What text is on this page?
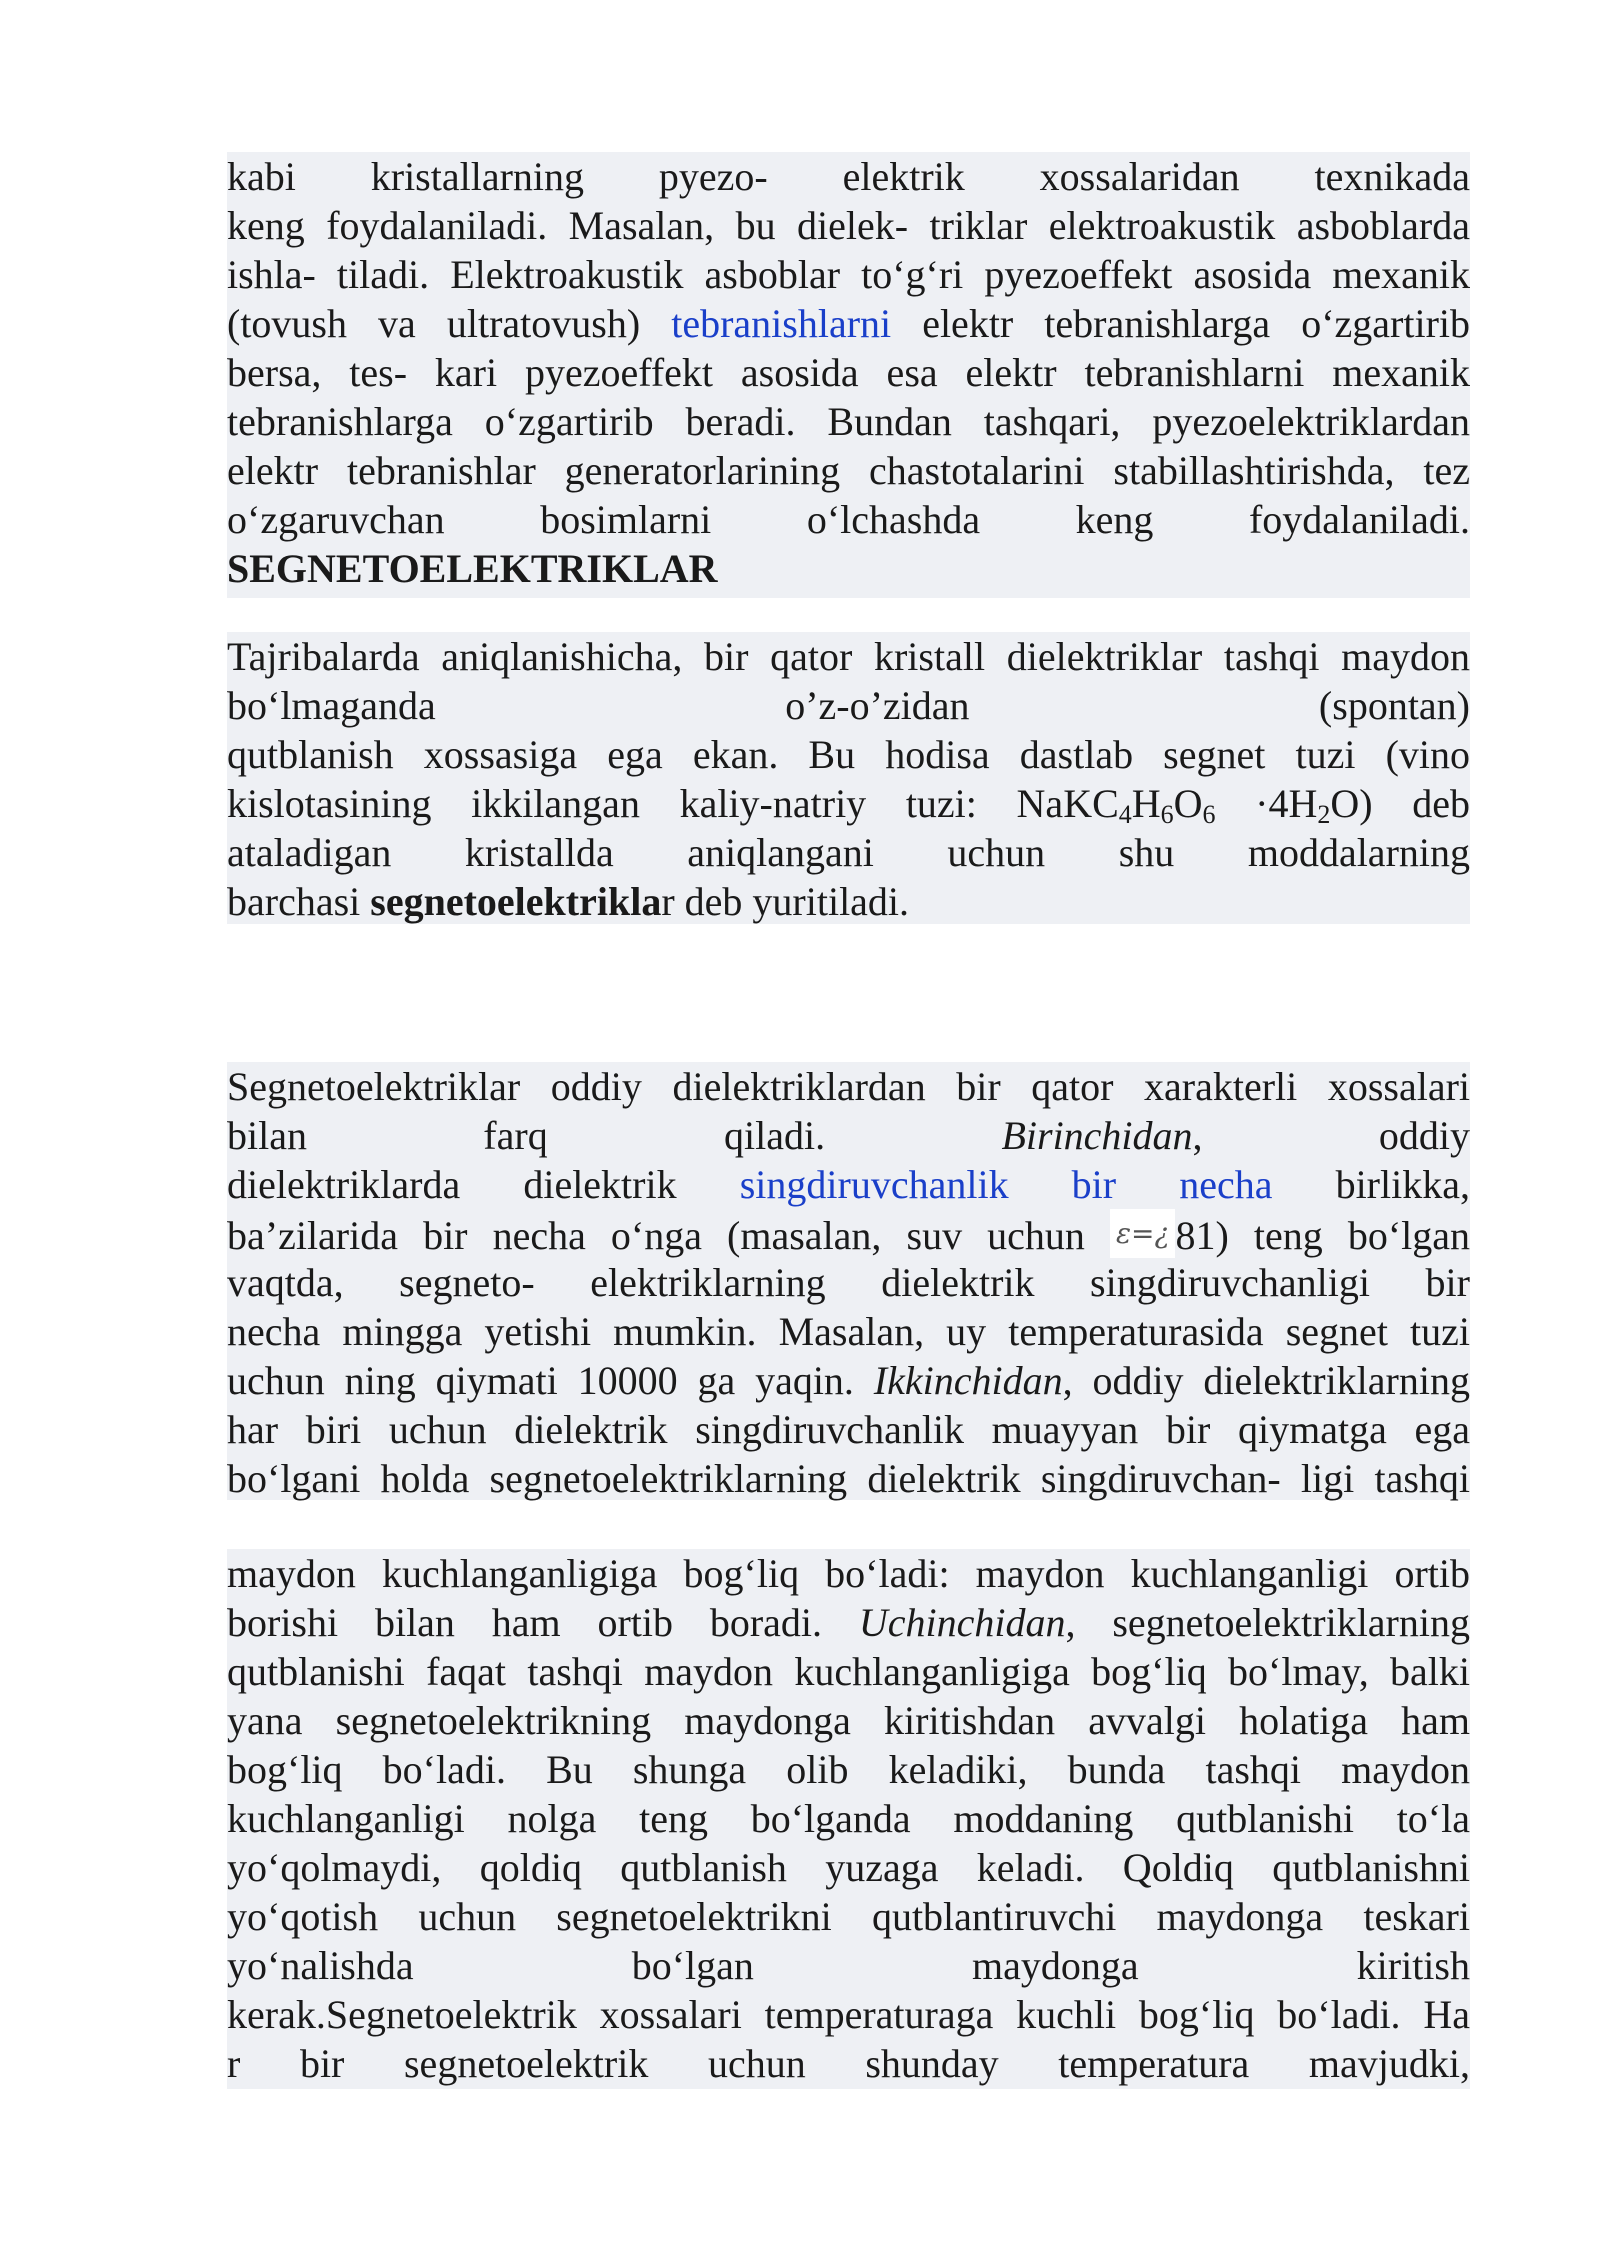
kabi kristallarning pyezo- elektrik xossalaridan texnikada
keng foydalaniladi. Masalan, bu dielek- triklar elektroakustik asboblarda
ishla- tiladi. Elektroakustik asboblar to‘g‘ri pyezoeffekt asosida mexanik
(tovush va ultratovush) tebranishlarni elektr tebranishlarga o‘zgartirib
bersa, tes- kari pyezoeffekt asosida esa elektr tebranishlarni mexanik
tebranishlarga o‘zgartirib beradi. Bundan tashqari, pyezoelektriklardan
elektr tebranishlar generatorlarining chastotalarini stabillashtirishda, tez
o‘zgaruvchan bosimlarni o‘lchashda keng foydalaniladi.
SEGNETOELEKTRIKLAR
Tajribalarda aniqlanishicha, bir qator kristall dielektriklar tashqi maydon
bo‘lmaganda o’z-o’zidan (spontan)
qutblanish xossasiga ega ekan. Bu hodisa dastlab segnet tuzi (vino
kislotasining ikkilangan kaliy-natriy tuzi: $NaKC_4H_6O_6 \cdot 4H_2O$) deb
ataladigan kristallda aniqlangani uchun shu moddalarning
barchasi segnetoelektriklar deb yuritiladi.
Segnetoelektriklar oddiy dielektriklardan bir qator xarakterli xossalari
bilan farq qiladi. Birinchidan, oddiy
dielektriklarda dielektrik singdiruvchanlik bir necha birlikka,
ba’zilarida bir necha o‘nga (masalan, suv uchun ε=¿ 81) teng bo‘lgan
vaqtda, segneto- elektriklarning dielektrik singdiruvchanligi bir
necha mingga yetishi mumkin. Masalan, uy temperaturasida segnet tuzi
uchun ning qiymati 10000 ga yaqin. Ikkinchidan, oddiy dielektriklarning
har biri uchun dielektrik singdiruvchanlik muayyan bir qiymatga ega
bo‘lgani holda segnetoelektriklarning dielektrik singdiruvchan- ligi tashqi
maydon kuchlanganligiga bog‘liq bo‘ladi: maydon kuchlanganligi ortib
borishi bilan ham ortib boradi. Uchinchidan, segnetoelektriklarning
qutblanishi faqat tashqi maydon kuchlanganligiga bog‘liq bo‘lmay, balki
yana segnetoelektrikning maydonga kiritishdan avvalgi holatiga ham
bog‘liq bo‘ladi. Bu shunga olib keladiki, bunda tashqi maydon
kuchlanganligi nolga teng bo‘lganda moddaning qutblanishi to‘la
yo‘qolmaydi, qoldiq qutblanish yuzaga keladi. Qoldiq qutblanishni
yo‘qotish uchun segnetoelektrikni qutblantiruvchi maydonga teskari
yo‘nalishda bo‘lgan maydonga kiritish
kerak.Segnetoelektrik xossalari temperaturaga kuchli bog‘liq bo‘ladi. Ha
r bir segnetoelektrik uchun shunday temperatura mavjudki,
